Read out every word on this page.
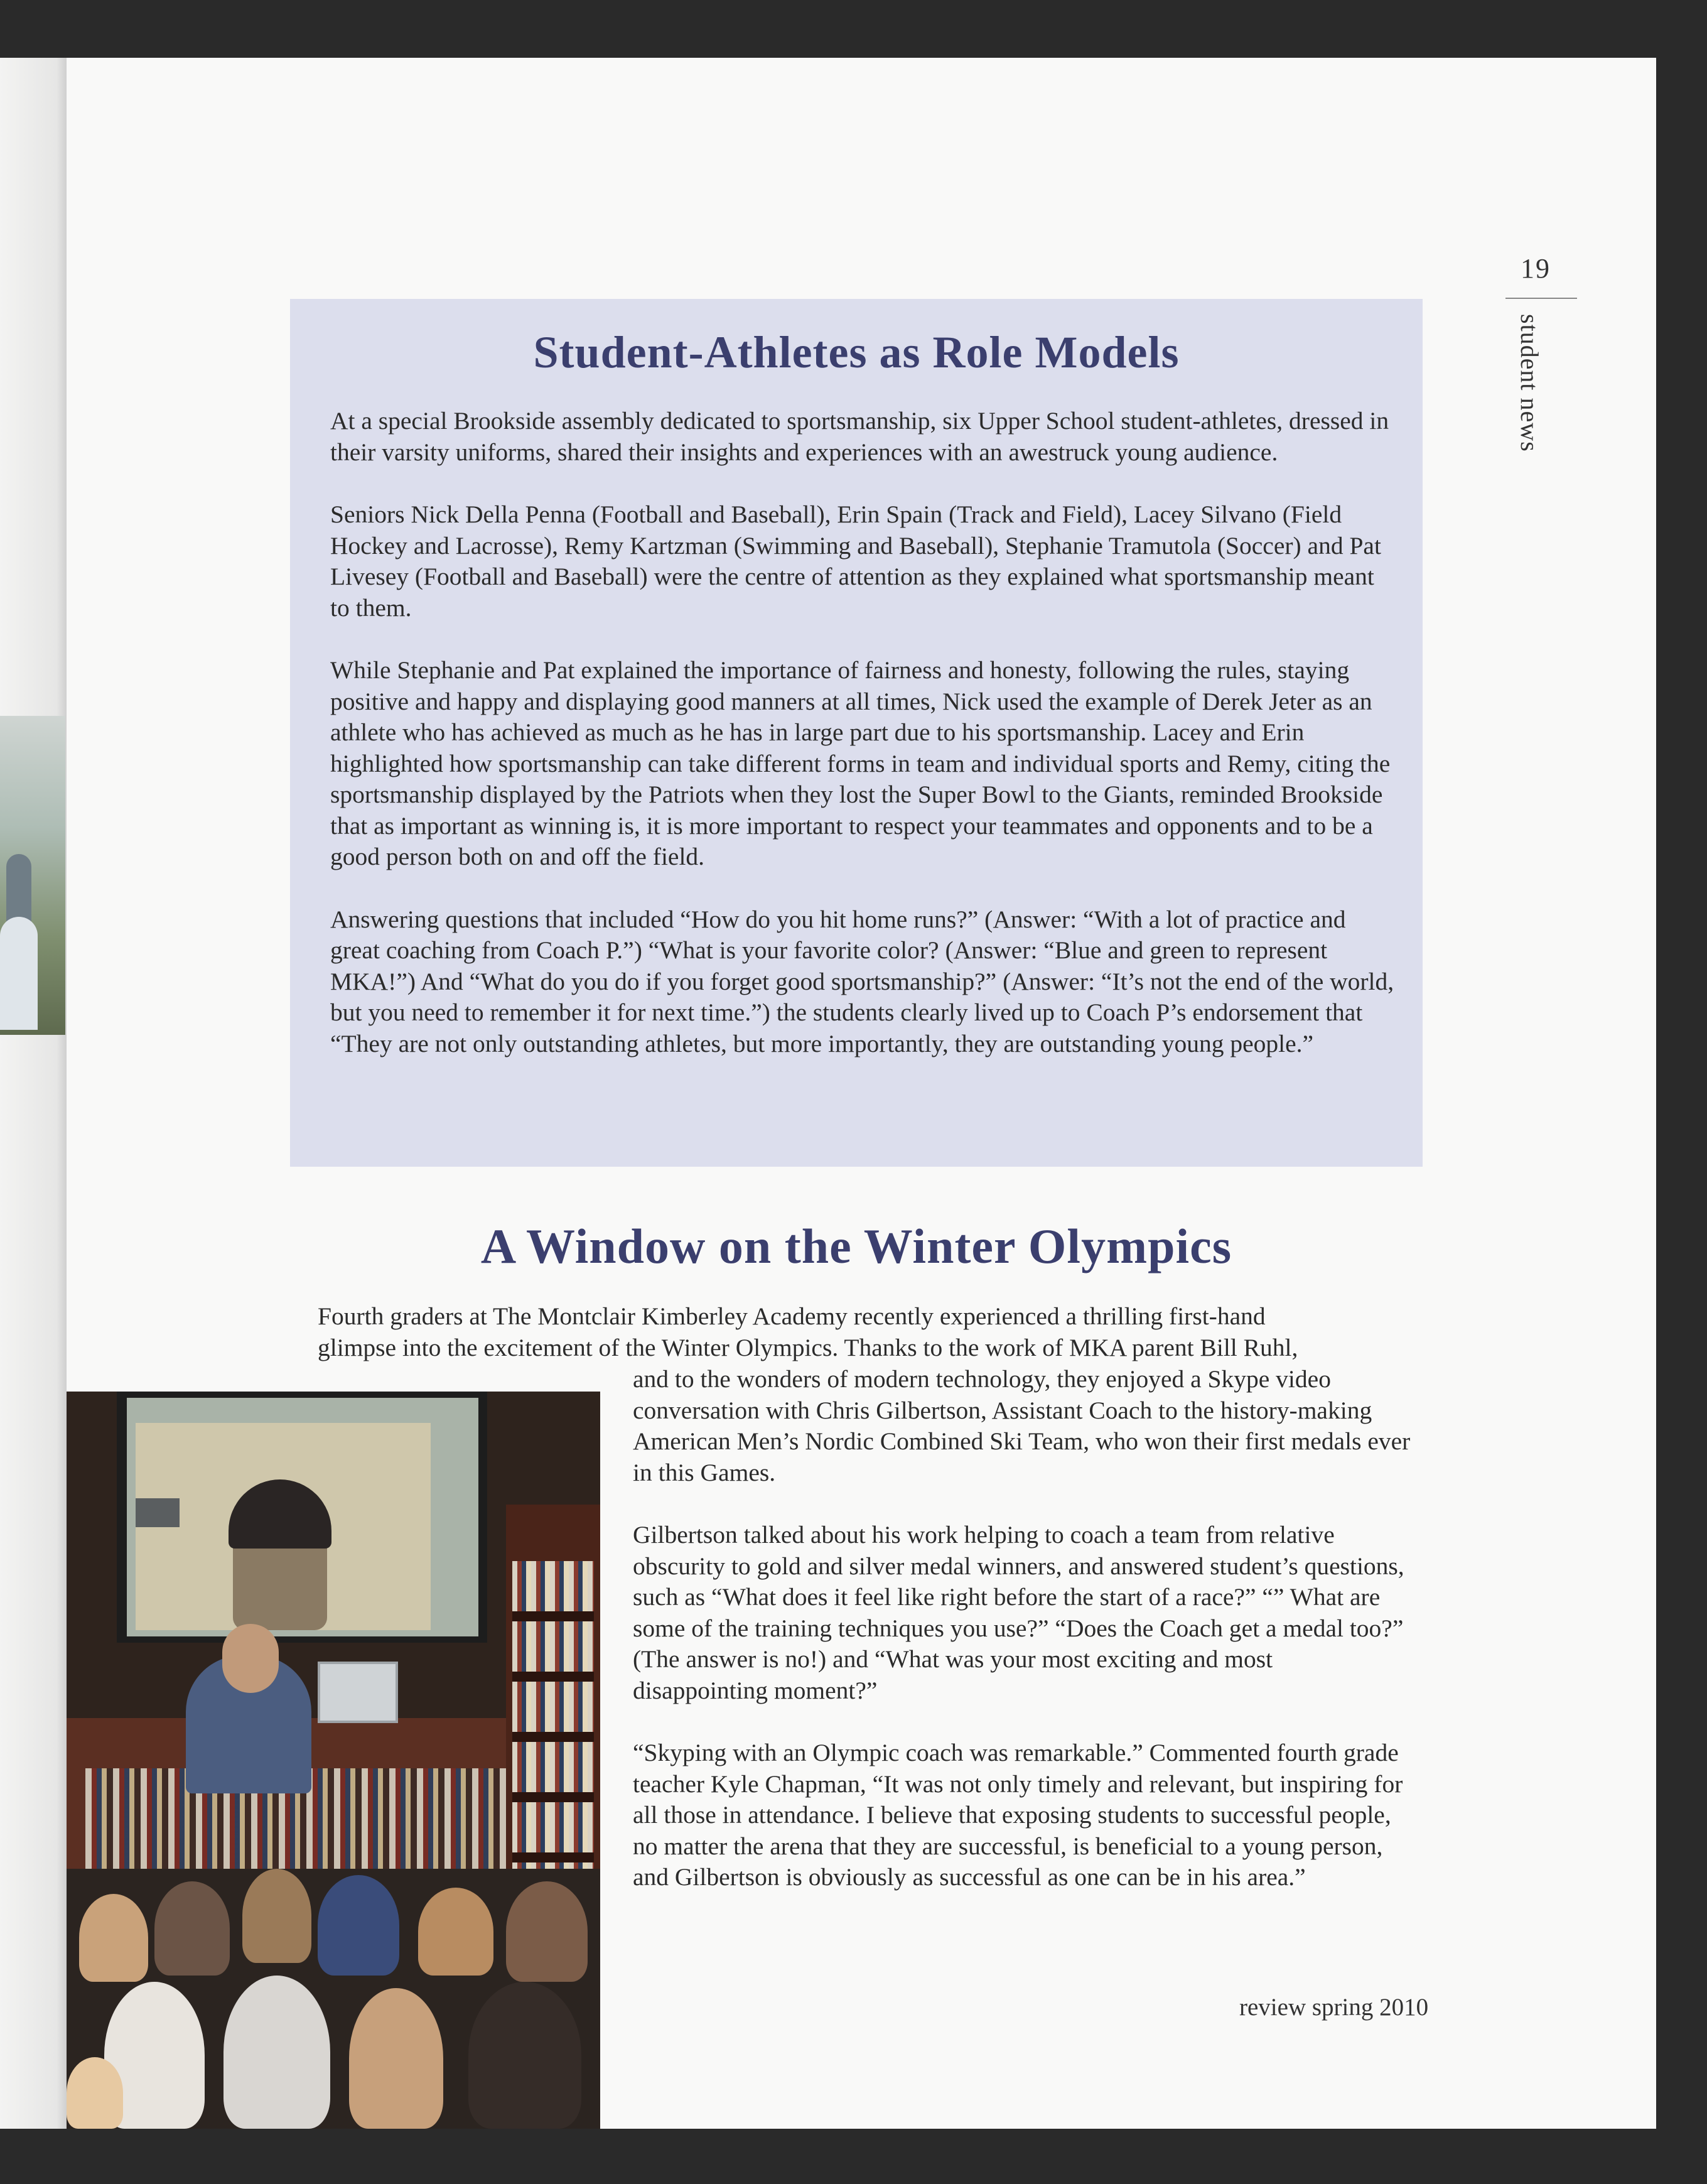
19
student news
Student-Athletes as Role Models

At a special Brookside assembly dedicated to sportsmanship, six Upper School student-athletes, dressed in their varsity uniforms, shared their insights and experiences with an awestruck young audience.

Seniors Nick Della Penna (Football and Baseball), Erin Spain (Track and Field), Lacey Silvano (Field Hockey and Lacrosse), Remy Kartzman (Swimming and Baseball), Stephanie Tramutola (Soccer) and Pat Livesey (Football and Baseball) were the centre of attention as they explained what sportsmanship meant to them.

While Stephanie and Pat explained the importance of fairness and honesty, following the rules, staying positive and happy and displaying good manners at all times, Nick used the example of Derek Jeter as an athlete who has achieved as much as he has in large part due to his sportsmanship. Lacey and Erin highlighted how sportsmanship can take different forms in team and individual sports and Remy, citing the sportsmanship displayed by the Patriots when they lost the Super Bowl to the Giants, reminded Brookside that as important as winning is, it is more important to respect your teammates and opponents and to be a good person both on and off the field.

Answering questions that included “How do you hit home runs?” (Answer: “With a lot of practice and great coaching from Coach P.”) “What is your favorite color? (Answer: “Blue and green to represent MKA!”) And “What do you do if you forget good sportsmanship?” (Answer: “It’s not the end of the world, but you need to remember it for next time.”) the students clearly lived up to Coach P’s endorsement that “They are not only outstanding athletes, but more importantly, they are outstanding young people.”

A Window on the Winter Olympics

Fourth graders at The Montclair Kimberley Academy recently experienced a thrilling first-hand

glimpse into the excitement of the Winter Olympics. Thanks to the work of MKA parent Bill Ruhl,

and to the wonders of modern technology, they enjoyed a Skype video conversation with Chris Gilbertson, Assistant Coach to the history-making American Men’s Nordic Combined Ski Team, who won their first medals ever in this Games.

Gilbertson talked about his work helping to coach a team from relative obscurity to gold and silver medal winners, and answered student’s questions, such as “What does it feel like right before the start of a race?” “” What are some of the training techniques you use?” “Does the Coach get a medal too?” (The answer is no!) and “What was your most exciting and most disappointing moment?”

“Skyping with an Olympic coach was remarkable.” Commented fourth grade teacher Kyle Chapman, “It was not only timely and relevant, but inspiring for all those in attendance. I believe that exposing students to successful people, no matter the arena that they are successful, is beneficial to a young person, and Gilbertson is obviously as successful as one can be in his area.”

review spring 2010
